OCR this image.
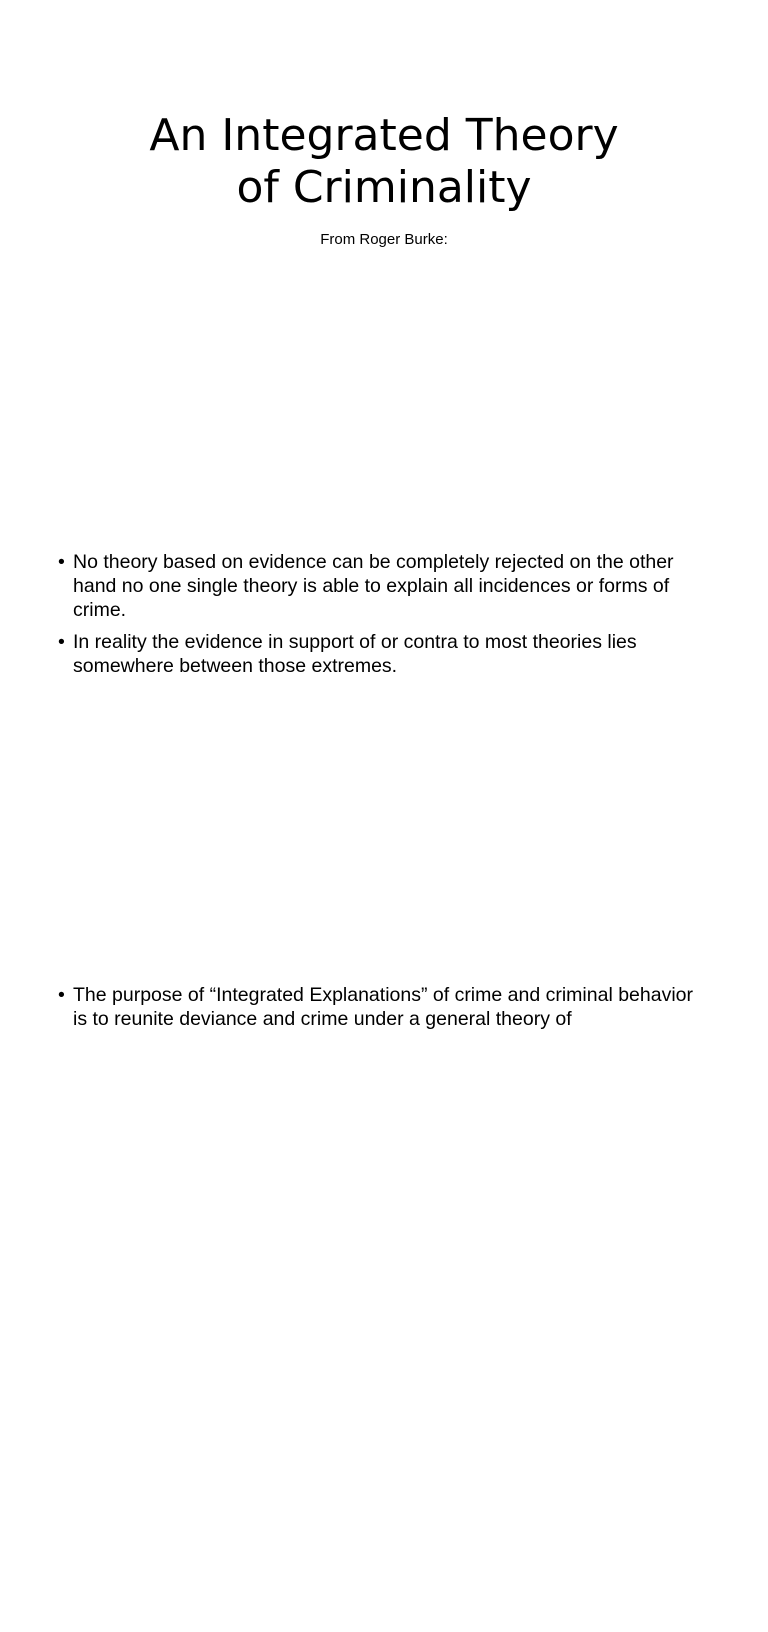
An Integrated Theory
of Criminality
From Roger Burke:
• No theory based on evidence can be completely rejected on the other hand no one single theory is able to explain all incidences or forms of crime.
• In reality the evidence in support of or contra to most theories lies somewhere between those extremes.
• The purpose of “Integrated Explanations” of crime and criminal behavior is to reunite deviance and crime under a general theory of
